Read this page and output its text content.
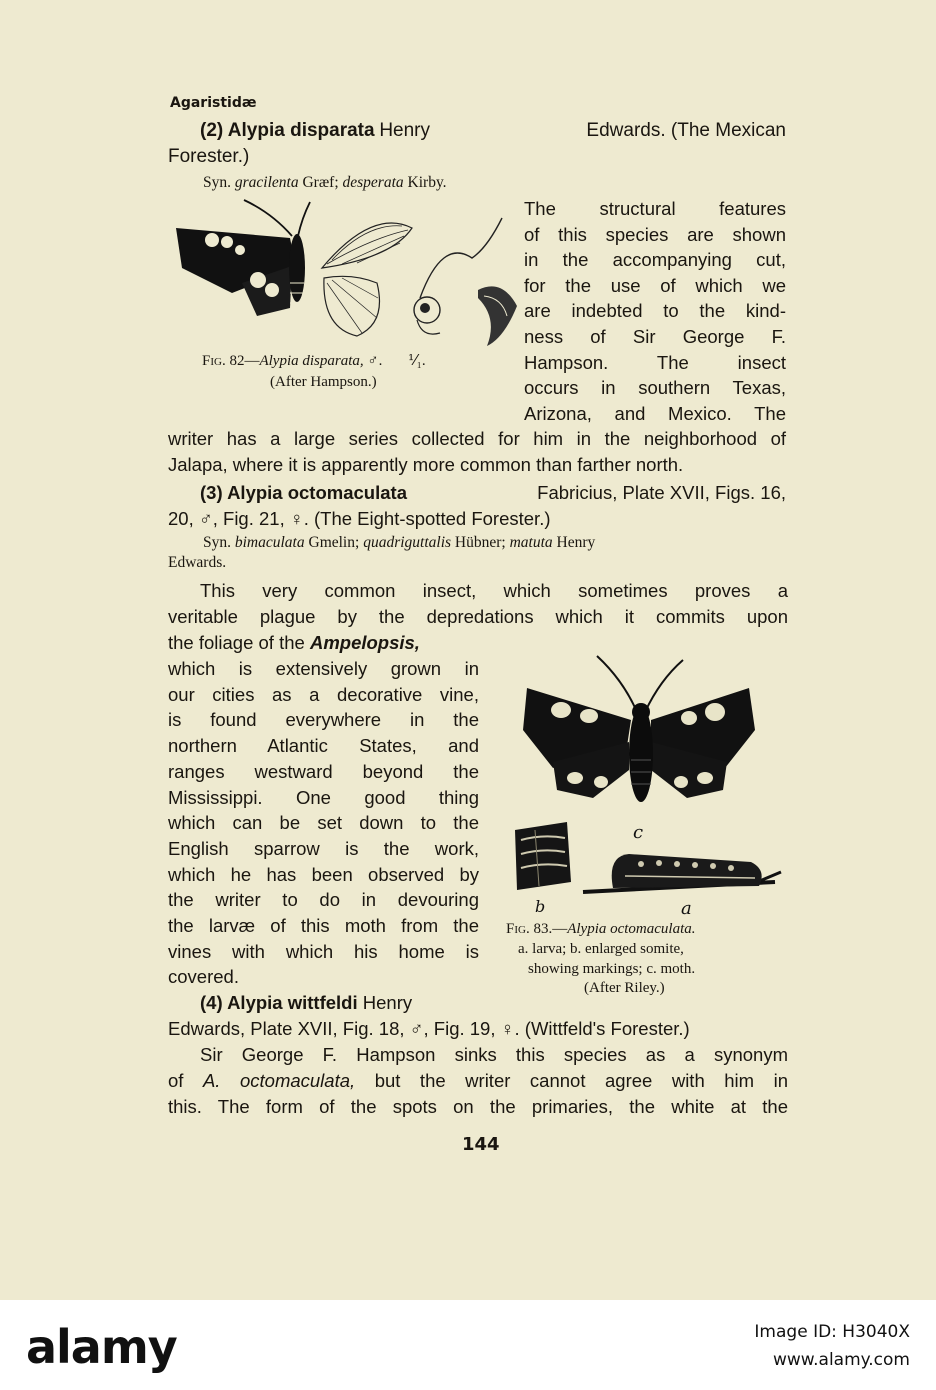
Agaristidæ
(2) Alypia disparata Henry	Edwards. (The Mexican
Forester.)
Syn. gracilenta Græf; desperata Kirby.
Fig. 82—Alypia disparata, ♂. ⅟₁.
(After Hampson.)
The structural features
of this species are shown
in the accompanying cut,
for the use of which we
are indebted to the kind-
ness of Sir George F.
Hampson. The insect
occurs in southern Texas,
Arizona, and Mexico. The
writer has a large series collected for him in the neighborhood of
Jalapa, where it is apparently more common than farther north.
(3) Alypia octomaculata	Fabricius, Plate XVII, Figs. 16,
20, ♂, Fig. 21, ♀. (The Eight-spotted Forester.)
Syn. bimaculata Gmelin; quadriguttalis Hübner; matuta Henry
Edwards.
This very common insect, which sometimes proves a
veritable plague by the depredations which it commits upon
the foliage of the Ampelopsis,
which is extensively grown in
our cities as a decorative vine,
is found everywhere in the
northern Atlantic States, and
ranges westward beyond the
Mississippi. One good thing
which can be set down to the
English sparrow is the work,
which he has been observed by
the writer to do in devouring
the larvæ of this moth from the
vines with which his home is
covered.
c
b	a
Fig. 83.—Alypia octomaculata.
a. larva; b. enlarged somite,
showing markings; c. moth.
(After Riley.)
(4) Alypia wittfeldi Henry
Edwards, Plate XVII, Fig. 18, ♂, Fig. 19, ♀. (Wittfeld's Forester.)
Sir George F. Hampson sinks this species as a synonym
of A. octomaculata, but the writer cannot agree with him in
this. The form of the spots on the primaries, the white at the
144
alamy	Image ID: H3040X
www.alamy.com
